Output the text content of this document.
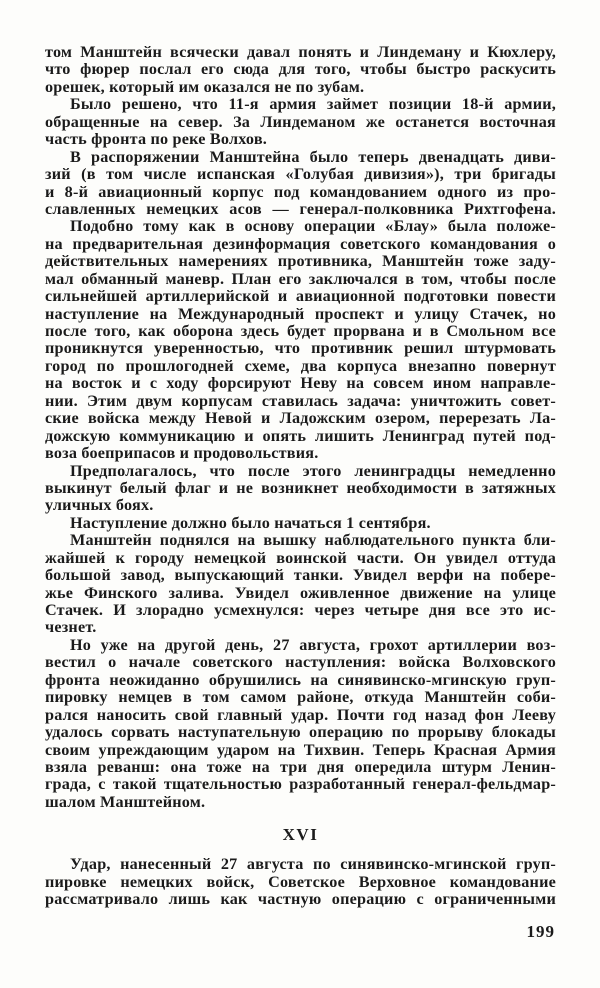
том Манштейн всячески давал понять и Линдеману и Кюхлеру,
что фюрер послал его сюда для того, чтобы быстро раскусить
орешек, который им оказался не по зубам.
Было решено, что 11-я армия займет позиции 18-й армии,
обращенные на север. За Линдеманом же останется восточная
часть фронта по реке Волхов.
В распоряжении Манштейна было теперь двенадцать диви-
зий (в том числе испанская «Голубая дивизия»), три бригады
и 8-й авиационный корпус под командованием одного из про-
славленных немецких асов — генерал-полковника Рихтгофена.
Подобно тому как в основу операции «Блау» была положе-
на предварительная дезинформация советского командования о
действительных намерениях противника, Манштейн тоже заду-
мал обманный маневр. План его заключался в том, чтобы после
сильнейшей артиллерийской и авиационной подготовки повести
наступление на Международный проспект и улицу Стачек, но
после того, как оборона здесь будет прорвана и в Смольном все
проникнутся уверенностью, что противник решил штурмовать
город по прошлогодней схеме, два корпуса внезапно повернут
на восток и с ходу форсируют Неву на совсем ином направле-
нии. Этим двум корпусам ставилась задача: уничтожить совет-
ские войска между Невой и Ладожским озером, перерезать Ла-
дожскую коммуникацию и опять лишить Ленинград путей под-
воза боеприпасов и продовольствия.
Предполагалось, что после этого ленинградцы немедленно
выкинут белый флаг и не возникнет необходимости в затяжных
уличных боях.
Наступление должно было начаться 1 сентября.
Манштейн поднялся на вышку наблюдательного пункта бли-
жайшей к городу немецкой воинской части. Он увидел оттуда
большой завод, выпускающий танки. Увидел верфи на побере-
жье Финского залива. Увидел оживленное движение на улице
Стачек. И злорадно усмехнулся: через четыре дня все это ис-
чезнет.
Но уже на другой день, 27 августа, грохот артиллерии воз-
вестил о начале советского наступления: войска Волховского
фронта неожиданно обрушились на синявинско-мгинскую груп-
пировку немцев в том самом районе, откуда Манштейн соби-
рался наносить свой главный удар. Почти год назад фон Лееву
удалось сорвать наступательную операцию по прорыву блокады
своим упреждающим ударом на Тихвин. Теперь Красная Армия
взяла реванш: она тоже на три дня опередила штурм Ленин-
града, с такой тщательностью разработанный генерал-фельдмар-
шалом Манштейном.
XVI
Удар, нанесенный 27 августа по синявинско-мгинской груп-
пировке немецких войск, Советское Верховное командование
рассматривало лишь как частную операцию с ограниченными
199
